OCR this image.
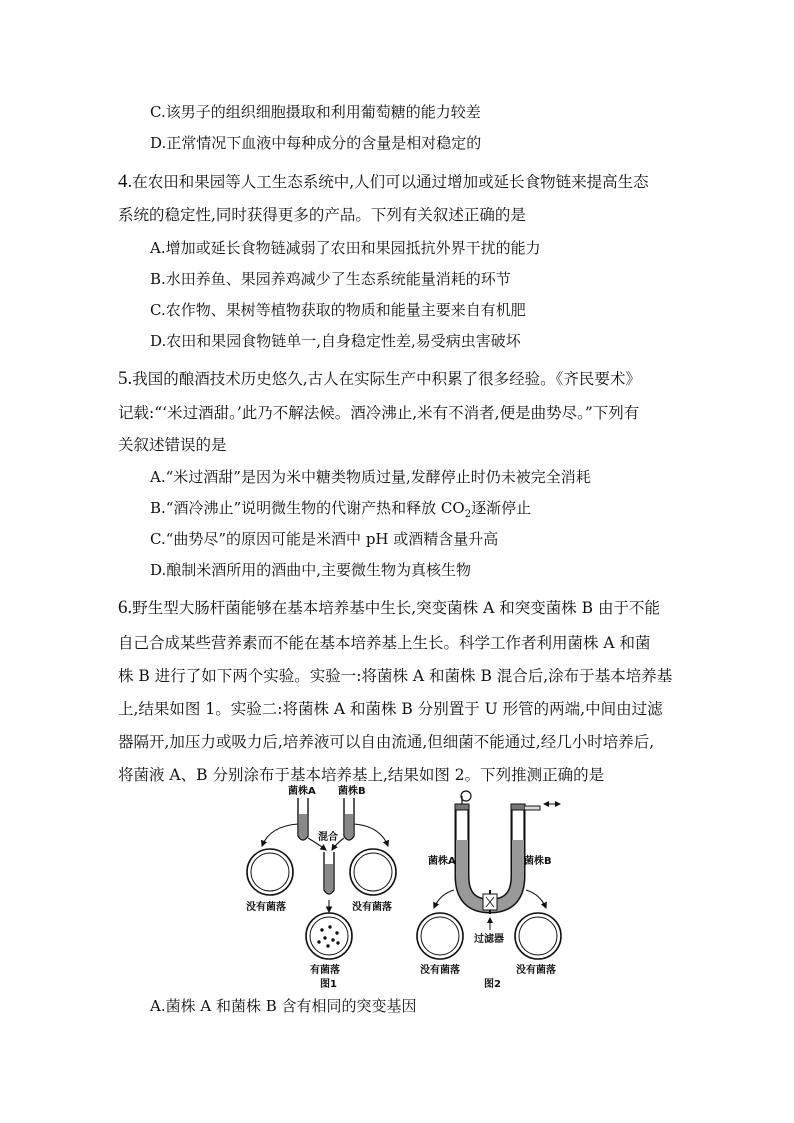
C.该男子的组织细胞摄取和利用葡萄糖的能力较差
D.正常情况下血液中每种成分的含量是相对稳定的
4.在农田和果园等人工生态系统中,人们可以通过增加或延长食物链来提高生态
系统的稳定性,同时获得更多的产品。下列有关叙述正确的是
A.增加或延长食物链减弱了农田和果园抵抗外界干扰的能力
B.水田养鱼、果园养鸡减少了生态系统能量消耗的环节
C.农作物、果树等植物获取的物质和能量主要来自有机肥
D.农田和果园食物链单一,自身稳定性差,易受病虫害破坏
5.我国的酿酒技术历史悠久,古人在实际生产中积累了很多经验。《齐民要术》
记载:“‘米过酒甜。’此乃不解法候。酒冷沸止,米有不消者,便是曲势尽。”下列有
关叙述错误的是
A.“米过酒甜”是因为米中糖类物质过量,发酵停止时仍未被完全消耗
B.“酒冷沸止”说明微生物的代谢产热和释放 $CO_2$逐渐停止
C.“曲势尽”的原因可能是米酒中 pH 或酒精含量升高
D.酿制米酒所用的酒曲中,主要微生物为真核生物
6.野生型大肠杆菌能够在基本培养基中生长,突变菌株 A 和突变菌株 B 由于不能
自己合成某些营养素而不能在基本培养基上生长。科学工作者利用菌株 A 和菌
株 B 进行了如下两个实验。实验一:将菌株 A 和菌株 B 混合后,涂布于基本培养基
上,结果如图 1。实验二:将菌株 A 和菌株 B 分别置于 U 形管的两端,中间由过滤
器隔开,加压力或吸力后,培养液可以自由流通,但细菌不能通过,经几小时培养后,
将菌液 A、B 分别涂布于基本培养基上,结果如图 2。下列推测正确的是
菌株A 菌株B
混合
没有菌落	没有菌落
有菌落
图1
菌株A	菌株B
过滤器
没有菌落	没有菌落
图2
A.菌株 A 和菌株 B 含有相同的突变基因
